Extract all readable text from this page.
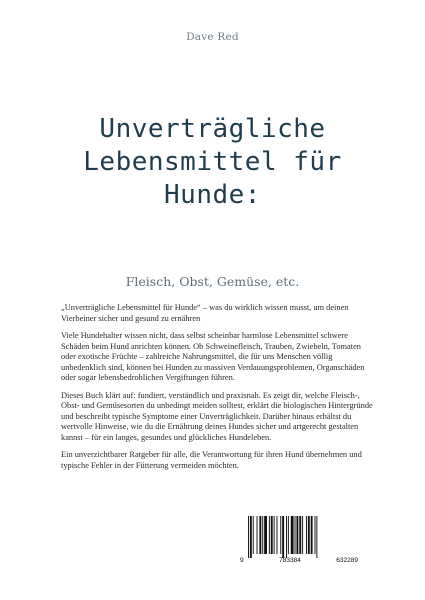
Dave Red
Unverträgliche
Lebensmittel für
Hunde:
Fleisch, Obst, Gemüse, etc.

„Unverträgliche Lebensmittel für Hunde“ – was du wirklich wissen musst, um deinen Vierbeiner sicher und gesund zu ernähren

Viele Hundehalter wissen nicht, dass selbst scheinbar harmlose Lebensmittel schwere Schäden beim Hund anrichten können. Ob Schweinefleisch, Trauben, Zwiebeln, Tomaten oder exotische Früchte – zahlreiche Nahrungsmittel, die für uns Menschen völlig unbedenklich sind, können bei Hunden zu massiven Verdauungsproblemen, Organschäden oder sogar lebensbedrohlichen Vergiftungen führen.

Dieses Buch klärt auf: fundiert, verständlich und praxisnah. Es zeigt dir, welche Fleisch-, Obst- und Gemüsesorten du unbedingt meiden solltest, erklärt die biologischen Hintergründe und beschreibt typische Symptome einer Unverträglichkeit. Darüber hinaus erhältst du wertvolle Hinweise, wie du die Ernährung deines Hundes sicher und artgerecht gestalten kannst – für ein langes, gesundes und glückliches Hundeleben.

Ein unverzichtbarer Ratgeber für alle, die Verantwortung für ihren Hund übernehmen und typische Fehler in der Fütterung vermeiden möchten.

9	783384	632289
